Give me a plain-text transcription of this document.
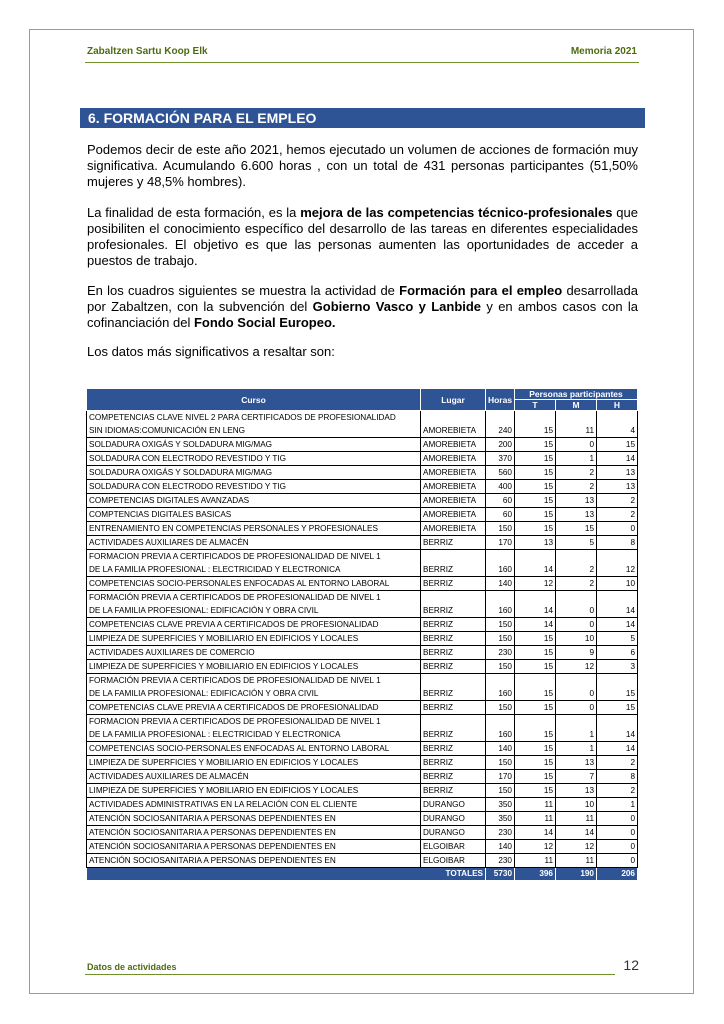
Zabaltzen Sartu Koop Elk	Memoria 2021
6. FORMACIÓN PARA EL EMPLEO
Podemos decir de este año 2021, hemos ejecutado un volumen de acciones de formación muy significativa. Acumulando 6.600 horas , con un total de 431 personas participantes (51,50% mujeres y 48,5% hombres).
La finalidad de esta formación, es la mejora de las competencias técnico-profesionales que posibiliten el conocimiento específico del desarrollo de las tareas en diferentes especialidades profesionales. El objetivo es que las personas aumenten las oportunidades de acceder a puestos de trabajo.
En los cuadros siguientes se muestra la actividad de Formación para el empleo desarrollada por Zabaltzen, con la subvención del Gobierno Vasco y Lanbide y en ambos casos con la cofinanciación del Fondo Social Europeo.
Los datos más significativos a resaltar son:
Curso	Lugar	Horas	Personas participantes		
			T	M	H

COMPETENCIAS CLAVE NIVEL 2 PARA CERTIFICADOS DE PROFESIONALIDAD
SIN IDIOMAS:COMUNICACIÓN EN LENG	AMOREBIETA	240	15	11	4

SOLDADURA OXIGÁS Y SOLDADURA MIG/MAG	AMOREBIETA	200	15	0	15

SOLDADURA CON ELECTRODO REVESTIDO Y TIG	AMOREBIETA	370	15	1	14

SOLDADURA OXIGÁS Y SOLDADURA MIG/MAG	AMOREBIETA	560	15	2	13

SOLDADURA CON ELECTRODO REVESTIDO Y TIG	AMOREBIETA	400	15	2	13

COMPETENCIAS DIGITALES AVANZADAS	AMOREBIETA	60	15	13	2

COMPTENCIAS DIGITALES BASICAS	AMOREBIETA	60	15	13	2

ENTRENAMIENTO EN COMPETENCIAS PERSONALES Y PROFESIONALES	AMOREBIETA	150	15	15	0

ACTIVIDADES AUXILIARES DE ALMACÉN	BERRIZ	170	13	5	8

FORMACION PREVIA A CERTIFICADOS DE PROFESIONALIDAD DE NIVEL 1
DE LA FAMILIA PROFESIONAL : ELECTRICIDAD Y ELECTRONICA	BERRIZ	160	14	2	12

COMPETENCIAS SOCIO-PERSONALES ENFOCADAS AL ENTORNO LABORAL	BERRIZ	140	12	2	10

FORMACIÓN PREVIA A CERTIFICADOS DE PROFESIONALIDAD DE NIVEL 1
DE LA FAMILIA PROFESIONAL: EDIFICACIÓN Y OBRA CIVIL	BERRIZ	160	14	0	14

COMPETENCIAS CLAVE PREVIA A CERTIFICADOS DE PROFESIONALIDAD	BERRIZ	150	14	0	14

LIMPIEZA DE SUPERFICIES Y MOBILIARIO EN EDIFICIOS Y LOCALES	BERRIZ	150	15	10	5

ACTIVIDADES AUXILIARES DE COMERCIO	BERRIZ	230	15	9	6

LIMPIEZA DE SUPERFICIES Y MOBILIARIO EN EDIFICIOS Y LOCALES	BERRIZ	150	15	12	3

FORMACIÓN PREVIA A CERTIFICADOS DE PROFESIONALIDAD DE NIVEL 1
DE LA FAMILIA PROFESIONAL: EDIFICACIÓN Y OBRA CIVIL	BERRIZ	160	15	0	15

COMPETENCIAS CLAVE PREVIA A CERTIFICADOS DE PROFESIONALIDAD	BERRIZ	150	15	0	15

FORMACION PREVIA A CERTIFICADOS DE PROFESIONALIDAD DE NIVEL 1
DE LA FAMILIA PROFESIONAL : ELECTRICIDAD Y ELECTRONICA	BERRIZ	160	15	1	14

COMPETENCIAS SOCIO-PERSONALES ENFOCADAS AL ENTORNO LABORAL	BERRIZ	140	15	1	14

LIMPIEZA DE SUPERFICIES Y MOBILIARIO EN EDIFICIOS Y LOCALES	BERRIZ	150	15	13	2

ACTIVIDADES AUXILIARES DE ALMACÉN	BERRIZ	170	15	7	8

LIMPIEZA DE SUPERFICIES Y MOBILIARIO EN EDIFICIOS Y LOCALES	BERRIZ	150	15	13	2

ACTIVIDADES ADMINISTRATIVAS EN LA RELACIÓN CON EL CLIENTE	DURANGO	350	11	10	1

ATENCIÓN SOCIOSANITARIA A PERSONAS DEPENDIENTES EN	DURANGO	350	11	11	0

ATENCIÓN SOCIOSANITARIA A PERSONAS DEPENDIENTES EN	DURANGO	230	14	14	0

ATENCIÓN SOCIOSANITARIA A PERSONAS DEPENDIENTES EN	ELGOIBAR	140	12	12	0

ATENCIÓN SOCIOSANITARIA A PERSONAS DEPENDIENTES EN	ELGOIBAR	230	11	11	0
TOTALES		5730	396	190	206
Datos de actividades	12
